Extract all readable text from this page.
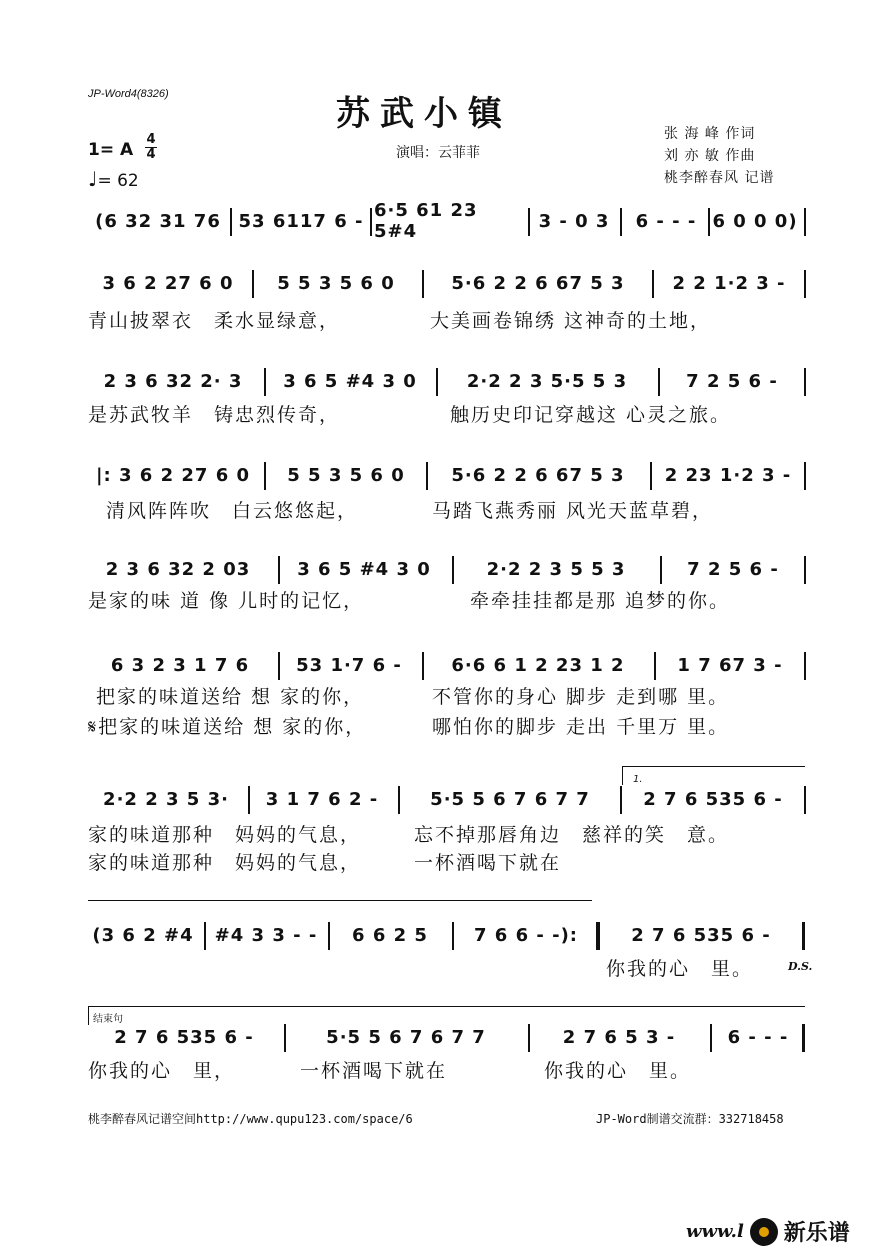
JP-Word4(8326)	苏武小镇
演唱：云菲菲
1= A
4
4
♩= 62
张 海 峰 作词
刘 亦 敏 作曲
桃李醉春风 记谱
(6 32 31 76 53 6117 6 - 6·5 61 23 5#4	3 - 0 3	6 - - - 6 0 0 0)
3 6 2 27 6 0	5 5 3 5 6 0	5·6 2 2 6 67 5 3	2 2 1·2 3 -
青山披翠衣　柔水显绿意，	大美画卷锦绣 这神奇的土地，
2 3 6 32 2· 3	3 6 5 #4 3 0	2·2 2 3 5·5 5 3	7 2 5 6 -
是苏武牧羊　铸忠烈传奇，	触历史印记穿越这 心灵之旅。
|: 3 6 2 27 6 0	5 5 3 5 6 0	5·6 2 2 6 67 5 3	2 23 1·2 3 -
清风阵阵吹　白云悠悠起，	马踏飞燕秀丽 风光天蓝草碧，
2 3 6 32 2 03	3 6 5 #4 3 0	2·2 2 3 5 5 3	7 2 5 6 -
是家的味 道 像 儿时的记忆，	牵牵挂挂都是那 追梦的你。
6 3 2 3 1 7 6	53 1·7 6 -	6·6 6 1 2 23 1 2	1 7 67 3 -
把家的味道送给 想 家的你，	不管你的身心 脚步 走到哪 里。
𝄋把家的味道送给 想 家的你，	哪怕你的脚步 走出 千里万 里。
1.
2·2 2 3 5 3·	3 1 7 6 2 -	5·5 5 6 7 6 7 7	2 7 6 535 6 -
家的味道那种　妈妈的气息，	忘不掉那唇角边　慈祥的笑　意。
家的味道那种　妈妈的气息，	一杯酒喝下就在
(3 6 2 #4 #4 3 3 - -	6 6 2 5	7 6 6 - -):	2 7 6 535 6 -
你我的心　里。	D.S.
结束句
2 7 6 535 6 -	5·5 5 6 7 6 7 7	2 7 6 5 3 -	6 - - -
你我的心　里，	一杯酒喝下就在	你我的心　里。
桃李醉春风记谱空间http://www.qupu123.com/space/6	JP-Word制谱交流群：332718458
www.l 新乐谱
